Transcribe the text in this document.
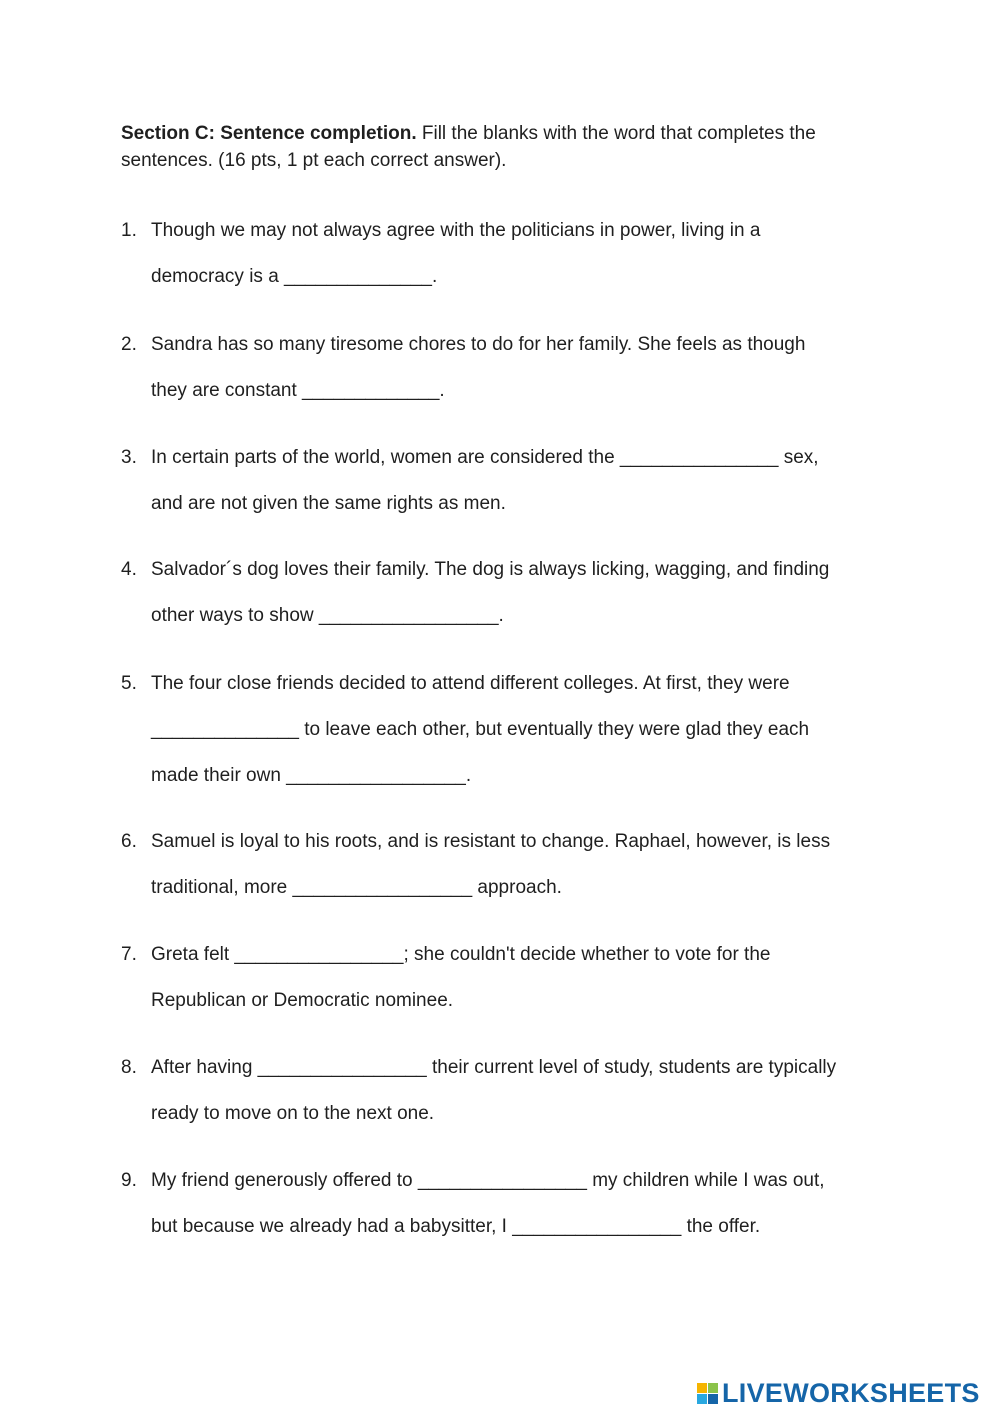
Section C: Sentence completion. Fill the blanks with the word that completes the sentences. (16 pts, 1 pt each correct answer).
1. Though we may not always agree with the politicians in power, living in a
democracy is a ______________.
2. Sandra has so many tiresome chores to do for her family. She feels as though
they are constant _____________.
3. In certain parts of the world, women are considered the _______________ sex,
and are not given the same rights as men.
4. Salvador´s dog loves their family. The dog is always licking, wagging, and finding
other ways to show _________________.
5. The four close friends decided to attend different colleges. At first, they were
______________ to leave each other, but eventually they were glad they each
made their own _________________.
6. Samuel is loyal to his roots, and is resistant to change. Raphael, however, is less
traditional, more _________________ approach.
7. Greta felt ________________; she couldn't decide whether to vote for the
Republican or Democratic nominee.
8. After having ________________ their current level of study, students are typically
ready to move on to the next one.
9. My friend generously offered to ________________ my children while I was out,
but because we already had a babysitter, I ________________ the offer.
LIVEWORKSHEETS
